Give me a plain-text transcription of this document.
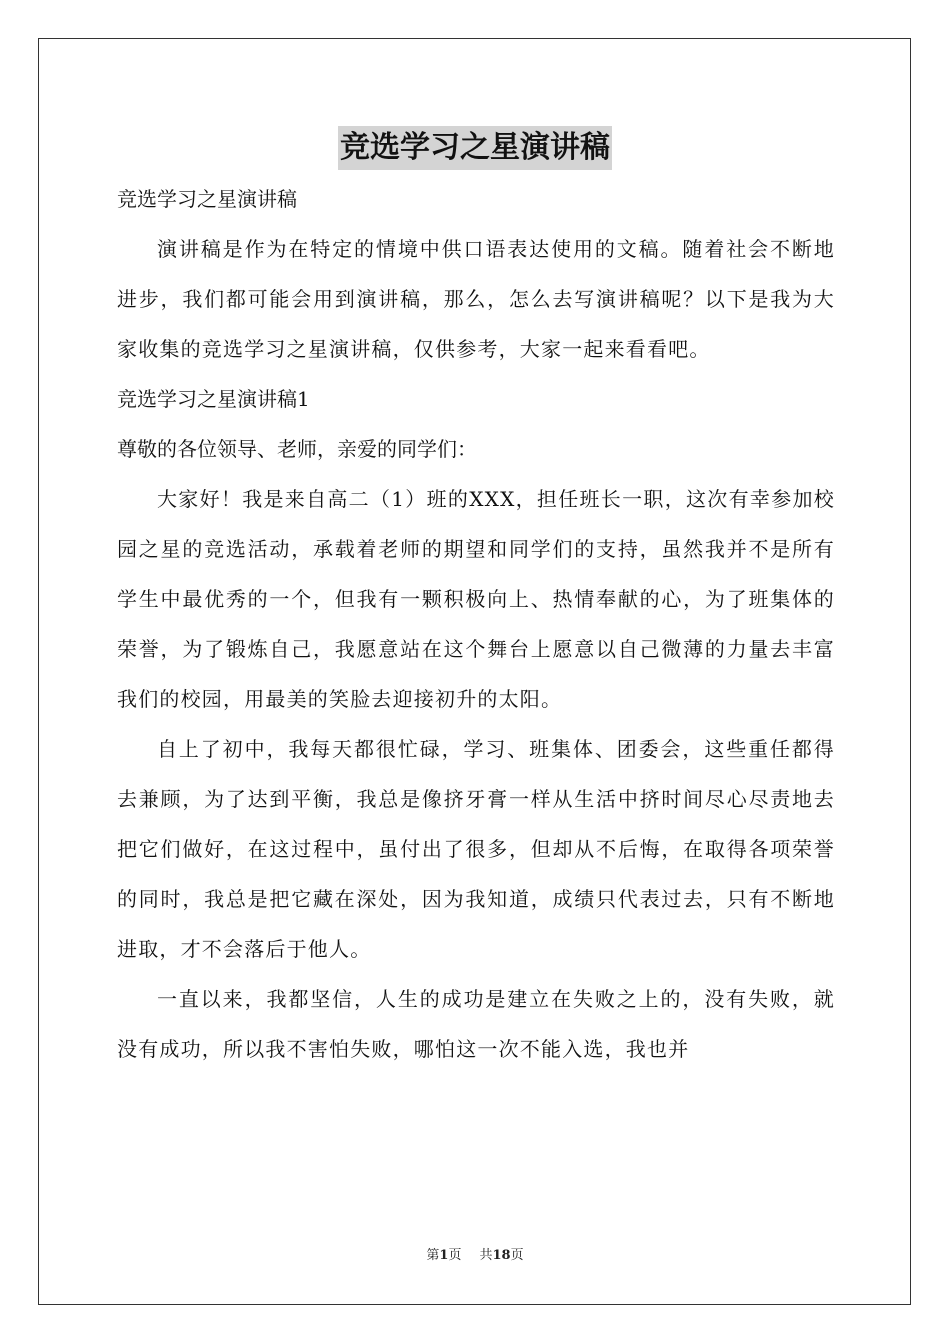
竞选学习之星演讲稿

竞选学习之星演讲稿

演讲稿是作为在特定的情境中供口语表达使用的文稿。随着社会不断地进步，我们都可能会用到演讲稿，那么，怎么去写演讲稿呢？以下是我为大家收集的竞选学习之星演讲稿，仅供参考，大家一起来看看吧。

竞选学习之星演讲稿1

尊敬的各位领导、老师，亲爱的同学们：

大家好！我是来自高二（1）班的XXX，担任班长一职，这次有幸参加校园之星的竞选活动，承载着老师的期望和同学们的支持，虽然我并不是所有学生中最优秀的一个，但我有一颗积极向上、热情奉献的心，为了班集体的荣誉，为了锻炼自己，我愿意站在这个舞台上愿意以自己微薄的力量去丰富我们的校园，用最美的笑脸去迎接初升的太阳。

自上了初中，我每天都很忙碌，学习、班集体、团委会，这些重任都得去兼顾，为了达到平衡，我总是像挤牙膏一样从生活中挤时间尽心尽责地去把它们做好，在这过程中，虽付出了很多，但却从不后悔，在取得各项荣誉的同时，我总是把它藏在深处，因为我知道，成绩只代表过去，只有不断地进取，才不会落后于他人。

一直以来，我都坚信，人生的成功是建立在失败之上的，没有失败，就没有成功，所以我不害怕失败，哪怕这一次不能入选，我也并

第1页 共18页
